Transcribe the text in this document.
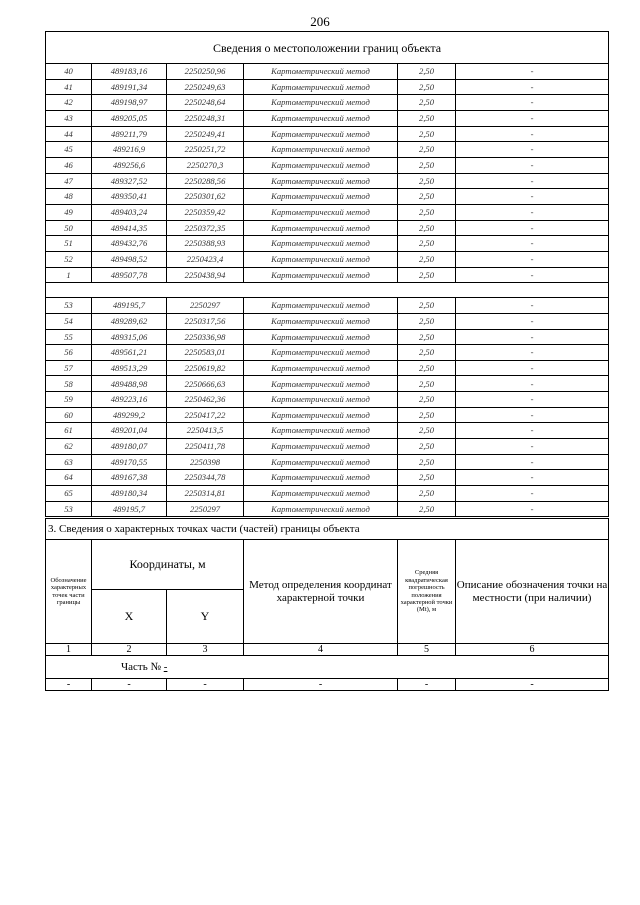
206
Сведения о местоположении границ объекта					
40	489183,16	2250250,96	Картометрический метод	2,50	-
41	489191,34	2250249,63	Картометрический метод	2,50	-
42	489198,97	2250248,64	Картометрический метод	2,50	-
43	489205,05	2250248,31	Картометрический метод	2,50	-
44	489211,79	2250249,41	Картометрический метод	2,50	-
45	489216,9	2250251,72	Картометрический метод	2,50	-
46	489256,6	2250270,3	Картометрический метод	2,50	-
47	489327,52	2250288,56	Картометрический метод	2,50	-
48	489350,41	2250301,62	Картометрический метод	2,50	-
49	489403,24	2250359,42	Картометрический метод	2,50	-
50	489414,35	2250372,35	Картометрический метод	2,50	-
51	489432,76	2250388,93	Картометрический метод	2,50	-
52	489498,52	2250423,4	Картометрический метод	2,50	-
1	489507,78	2250438,94	Картометрический метод	2,50	-

53	489195,7	2250297	Картометрический метод	2,50	-
54	489289,62	2250317,56	Картометрический метод	2,50	-
55	489315,06	2250336,98	Картометрический метод	2,50	-
56	489561,21	2250583,01	Картометрический метод	2,50	-
57	489513,29	2250619,82	Картометрический метод	2,50	-
58	489488,98	2250666,63	Картометрический метод	2,50	-
59	489223,16	2250462,36	Картометрический метод	2,50	-
60	489299,2	2250417,22	Картометрический метод	2,50	-
61	489201,04	2250413,5	Картометрический метод	2,50	-
62	489180,07	2250411,78	Картометрический метод	2,50	-
63	489170,55	2250398	Картометрический метод	2,50	-
64	489167,38	2250344,78	Картометрический метод	2,50	-
65	489180,34	2250314,81	Картометрический метод	2,50	-
53	489195,7	2250297	Картометрический метод	2,50	-
3. Сведения о характерных точках части (частей) границы объекта					
Обозначение характерных точек части границы	Координаты, м		Метод определения координат характерной точки	Средняя квадратическая погрешность положения характерной точки (Mt), м	Описание обозначения точки на местности (при наличии)
	X	Y			
1	2	3	4	5	6
Часть № -					
-	-	-	-	-	-
